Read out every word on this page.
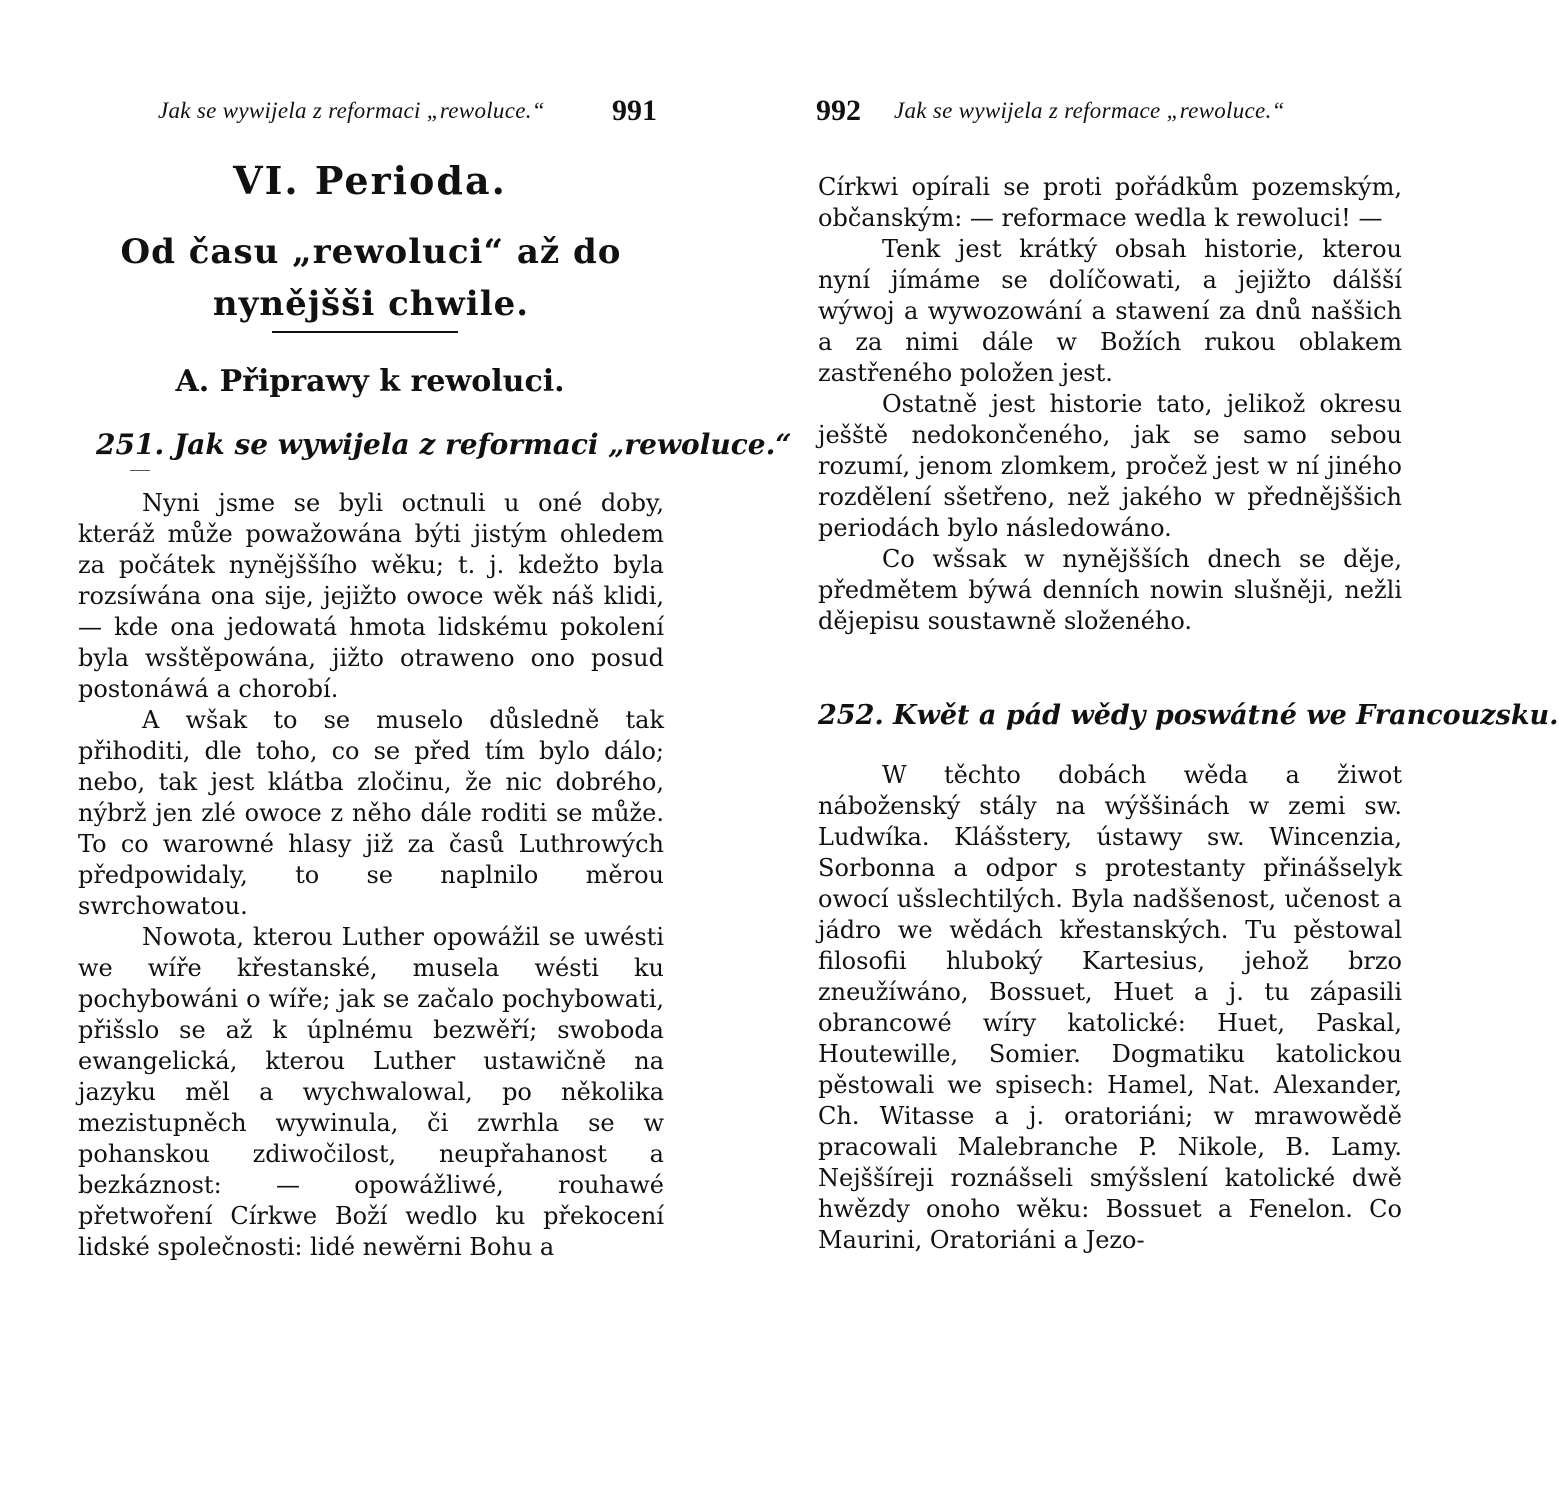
Jak se wywijela z reformaci „rewoluce.“ 991
VI. Perioda.
Od času „rewoluci“ až do nynějšši chwile.
A. Připrawy k rewoluci.
251. Jak se wywijela z reformaci „rewoluce.“

Nyni jsme se byli octnuli u oné doby, kteráž může powažowána býti jistým ohledem za počátek nynějššího wěku; t. j. kdežto byla rozsíwána ona sije, jejižto owoce wěk náš klidi, — kde ona jedowatá hmota lidskému pokolení byla wsštěpowána, jižto otraweno ono posud postonáwá a chorobí.

A wšak to se muselo důsledně tak přihoditi, dle toho, co se před tím bylo dálo; nebo, tak jest klátba zločinu, že nic dobrého, nýbrž jen zlé owoce z něho dále roditi se může. To co warowné hlasy již za časů Luthrowých předpowidaly, to se naplnilo měrou swrchowatou.

Nowota, kterou Luther opowážil se uwésti we wíře křestanské, musela wésti ku pochybowáni o wíře; jak se začalo pochybowati, přišslo se až k úplnému bezwěří; swoboda ewangelická, kterou Luther ustawičně na jazyku měl a wychwalowal, po několika mezistupněch wywinula, či zwrhla se w pohanskou zdiwočilost, neupřahanost a bezkáznost: — opowážliwé, rouhawé přetwoření Církwe Boží wedlo ku překocení lidské společnosti: lidé newěrni Bohu a

992 Jak se wywijela z reformace „rewoluce.“

Církwi opírali se proti pořádkům pozemským, občanským: — reformace wedla k rewoluci! —

Tenk jest krátký obsah historie, kterou nyní jímáme se dolíčowati, a jejižto dálšší wýwoj a wywozowání a stawení za dnů naššich a za nimi dále w Božích rukou oblakem zastřeného položen jest.

Ostatně jest historie tato, jelikož okresu ješště nedokončeného, jak se samo sebou rozumí, jenom zlomkem, pročež jest w ní jiného rozdělení sšetřeno, než jakého w přednějššich periodách bylo následowáno.

Co wšsak w nynějšších dnech se děje, předmětem býwá denních nowin slušněji, nežli dějepisu soustawně složeného.

252. Kwět a pád wědy poswátné we Francouzsku.

W těchto dobách wěda a žiwot náboženský stály na wýššinách w zemi sw. Ludwíka. Klášstery, ústawy sw. Wincenzia, Sorbonna a odpor s protestanty přinášselyk owocí ušslechtilých. Byla nadššenost, učenost a jádro we wědách křestanských. Tu pěstowal filosofii hluboký Kartesius, jehož brzo zneužíwáno, Bossuet, Huet a j. tu zápasili obrancowé wíry katolické: Huet, Paskal, Houtewille, Somier. Dogmatiku katolickou pěstowali we spisech: Hamel, Nat. Alexander, Ch. Witasse a j. oratoriáni; w mrawowědě pracowali Malebranche P. Nikole, B. Lamy. Nejššíreji roznášseli smýšslení katolické dwě hwězdy onoho wěku: Bossuet a Fenelon. Co Maurini, Oratoriáni a Jezo-
